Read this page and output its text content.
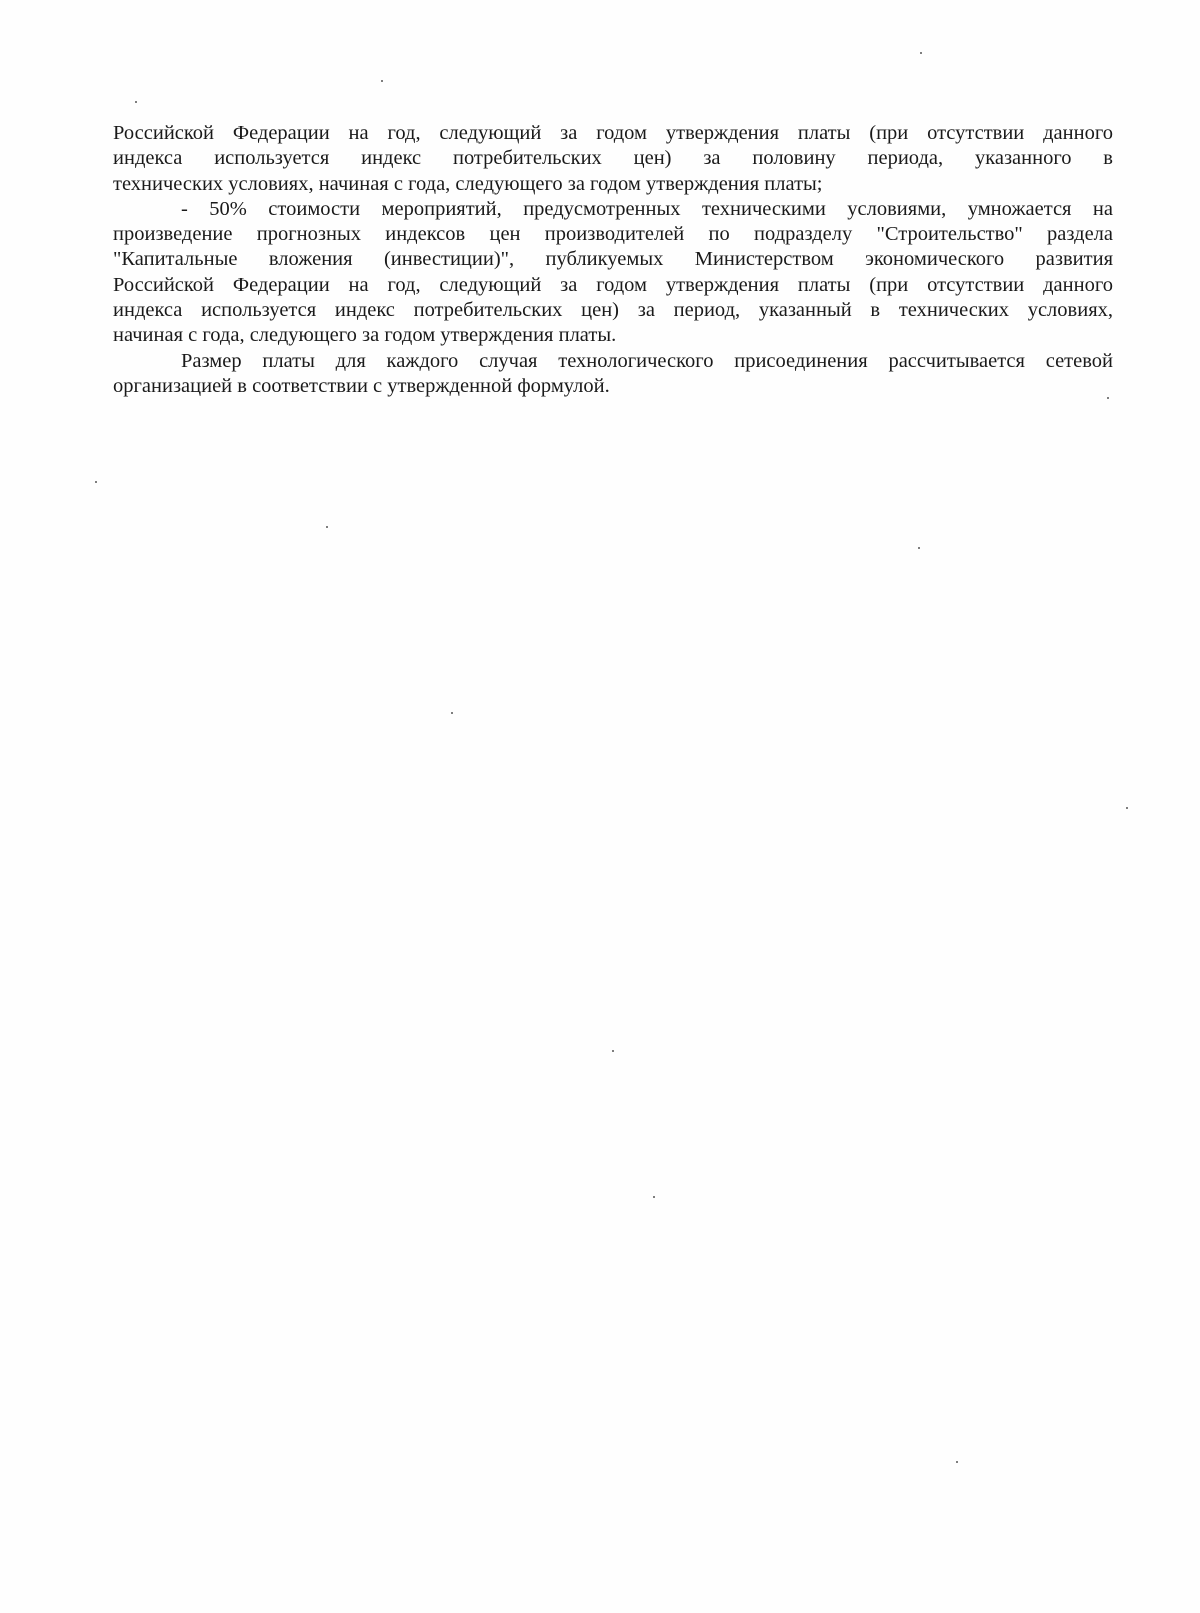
Российской Федерации на год, следующий за годом утверждения платы (при отсутствии данного
индекса используется индекс потребительских цен) за половину периода, указанного в
технических условиях, начиная с года, следующего за годом утверждения платы;

- 50% стоимости мероприятий, предусмотренных техническими условиями, умножается на
произведение прогнозных индексов цен производителей по подразделу "Строительство" раздела
"Капитальные вложения (инвестиции)", публикуемых Министерством экономического развития
Российской Федерации на год, следующий за годом утверждения платы (при отсутствии данного
индекса используется индекс потребительских цен) за период, указанный в технических условиях,
начиная с года, следующего за годом утверждения платы.

Размер платы для каждого случая технологического присоединения рассчитывается сетевой
организацией в соответствии с утвержденной формулой.
